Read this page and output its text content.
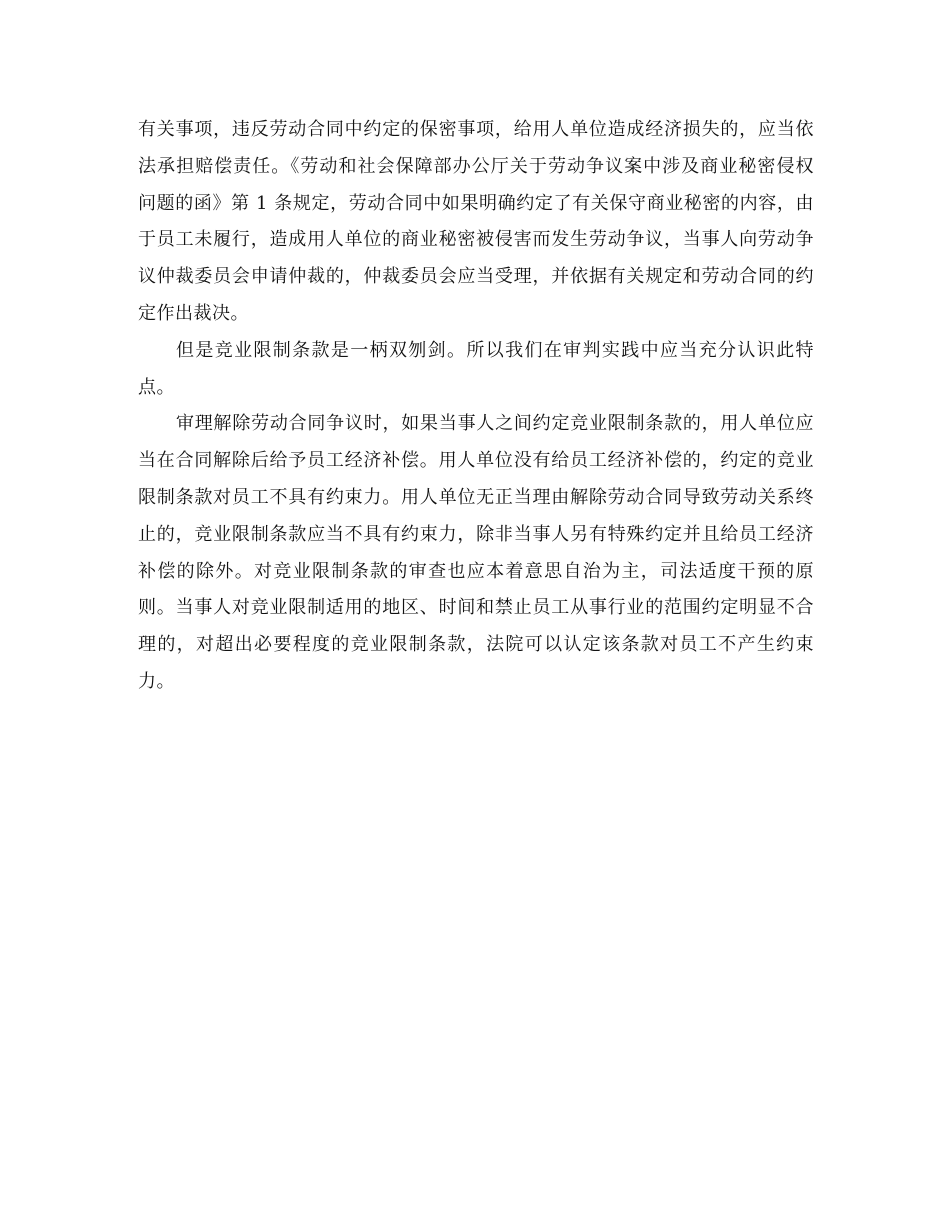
有关事项，违反劳动合同中约定的保密事项，给用人单位造成经济损失的，应当依
法承担赔偿责任。《劳动和社会保障部办公厅关于劳动争议案中涉及商业秘密侵权
问题的函》第 1 条规定，劳动合同中如果明确约定了有关保守商业秘密的内容，由
于员工未履行，造成用人单位的商业秘密被侵害而发生劳动争议，当事人向劳动争
议仲裁委员会申请仲裁的，仲裁委员会应当受理，并依据有关规定和劳动合同的约
定作出裁决。
但是竞业限制条款是一柄双刎剑。所以我们在审判实践中应当充分认识此特
点。
审理解除劳动合同争议时，如果当事人之间约定竞业限制条款的，用人单位应
当在合同解除后给予员工经济补偿。用人单位没有给员工经济补偿的，约定的竞业
限制条款对员工不具有约束力。用人单位无正当理由解除劳动合同导致劳动关系终
止的，竞业限制条款应当不具有约束力，除非当事人另有特殊约定并且给员工经济
补偿的除外。对竞业限制条款的审查也应本着意思自治为主，司法适度干预的原
则。当事人对竞业限制适用的地区、时间和禁止员工从事行业的范围约定明显不合
理的，对超出必要程度的竞业限制条款，法院可以认定该条款对员工不产生约束
力。
